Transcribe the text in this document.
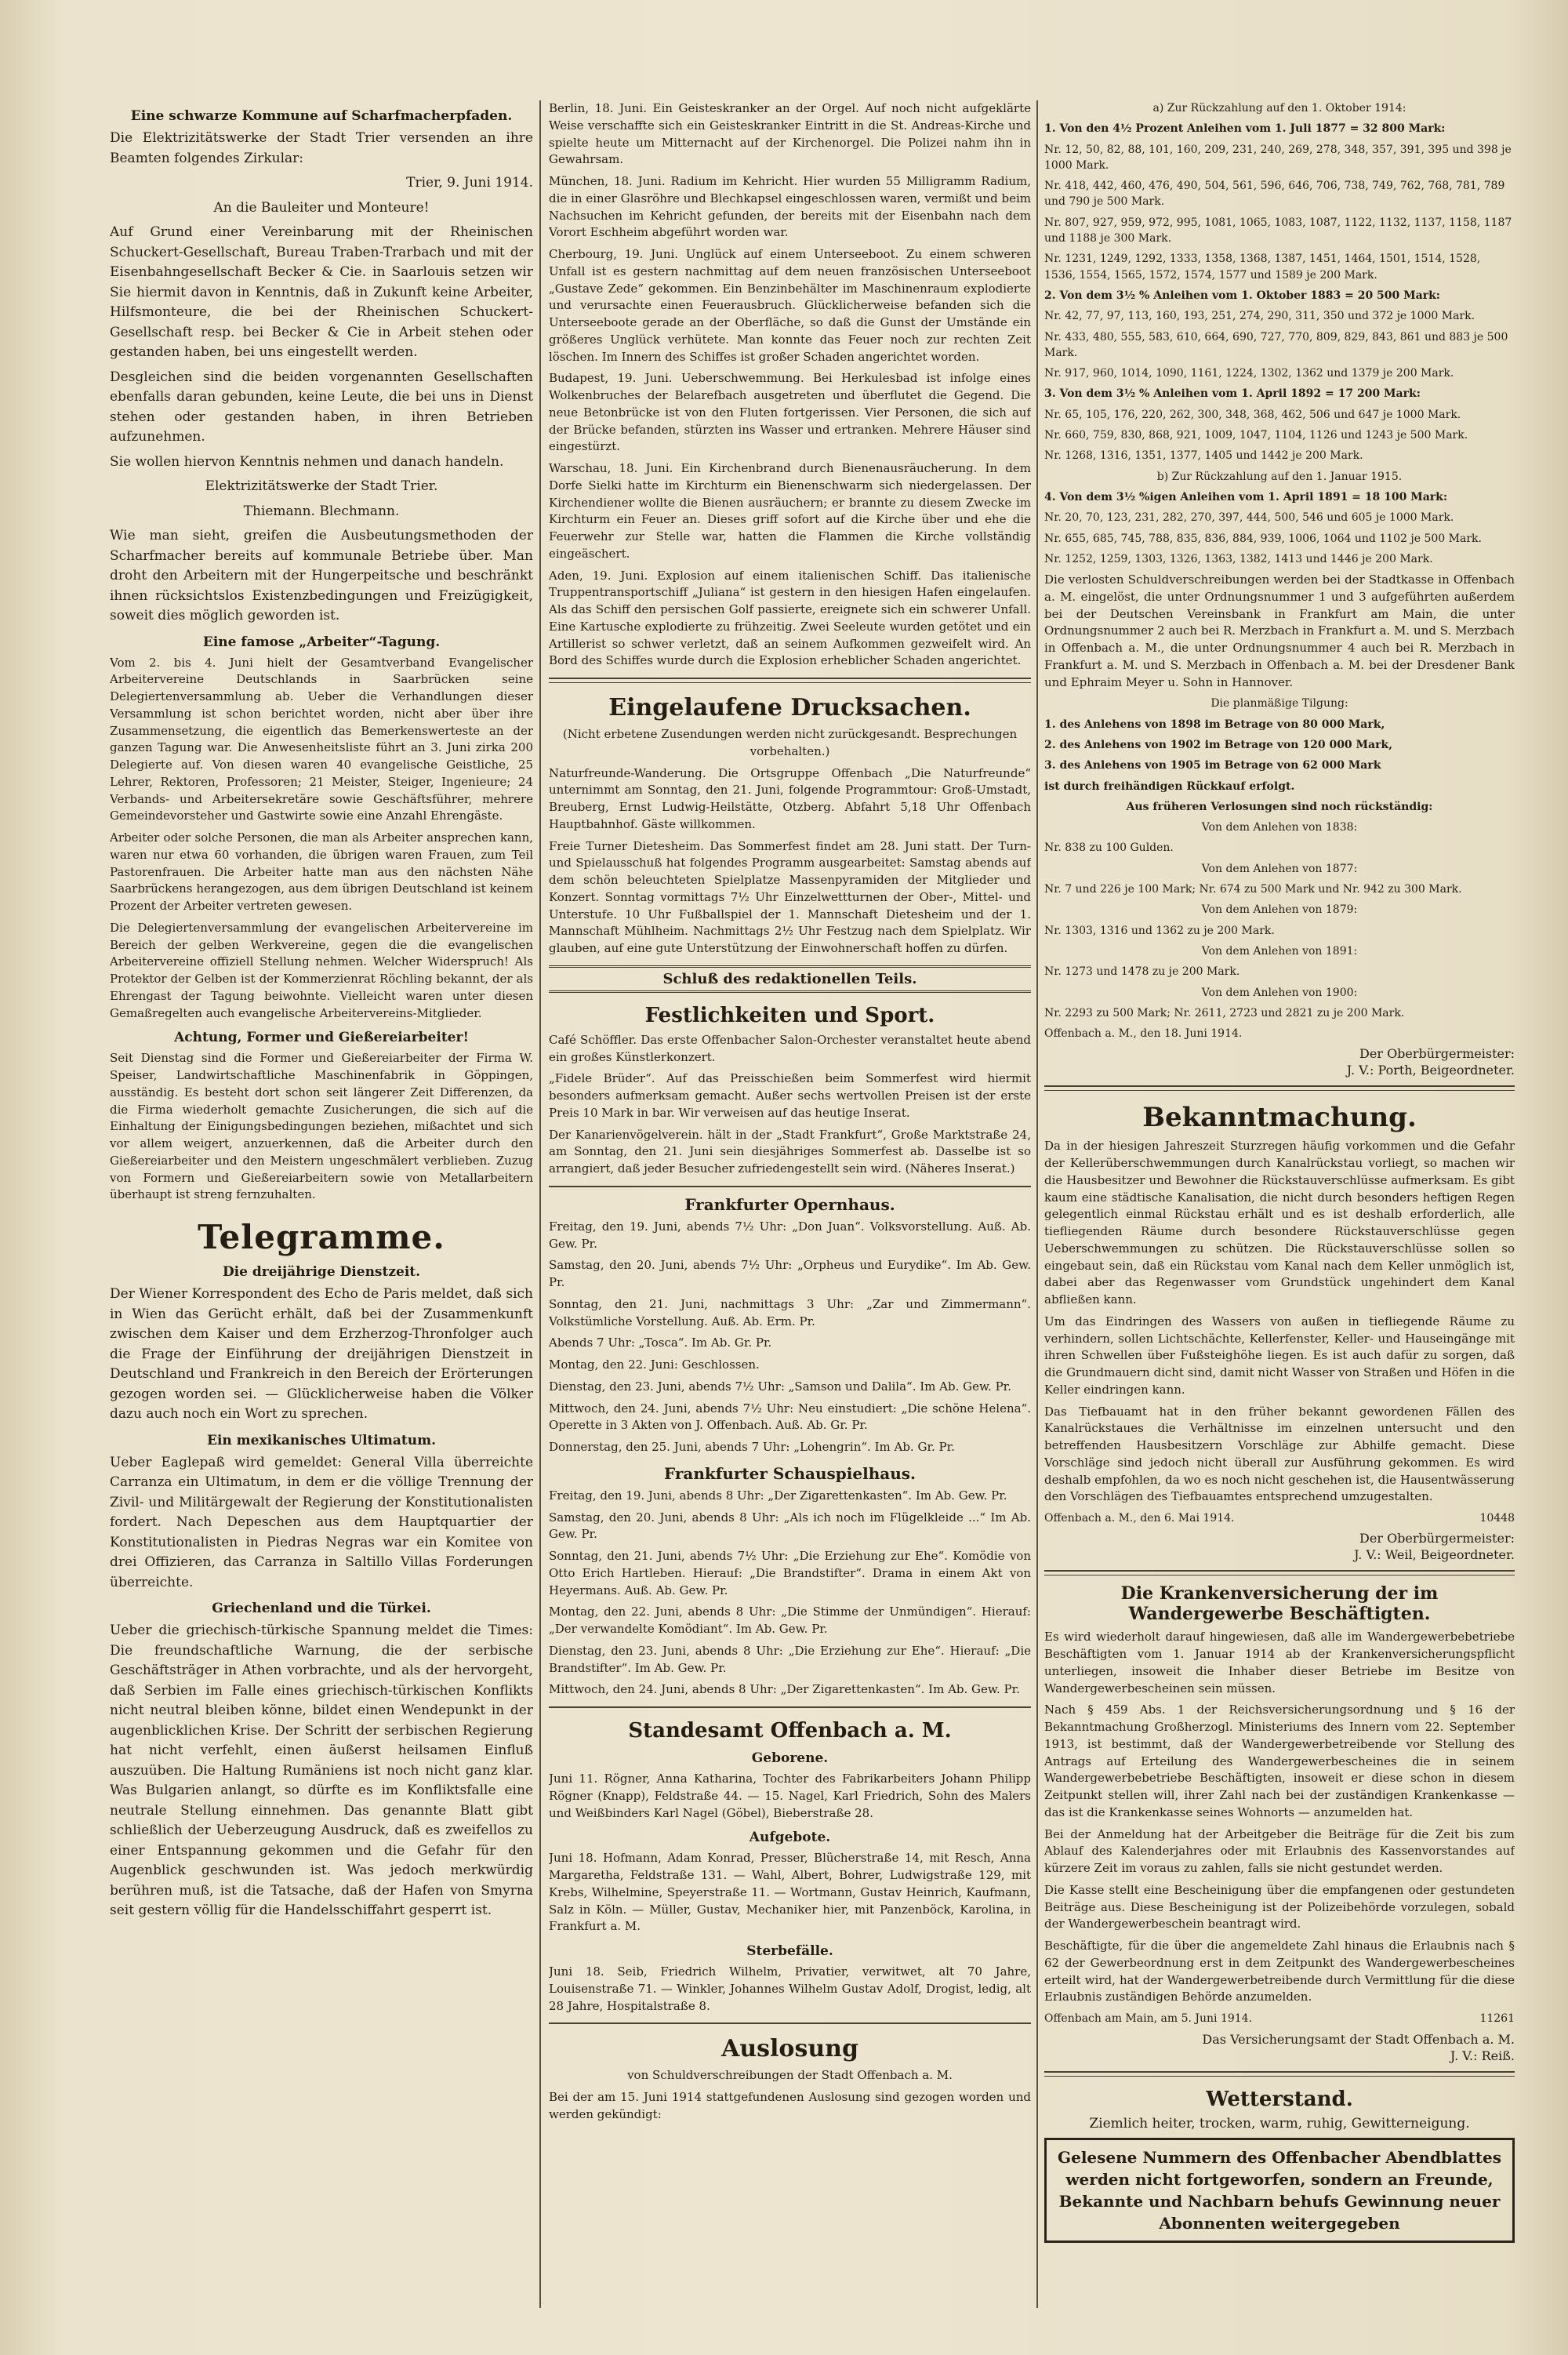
Eine schwarze Kommune auf Scharfmacherpfaden.

Die Elektrizitätswerke der Stadt Trier versenden an ihre Beamten folgendes Zirkular:

Trier, 9. Juni 1914.

An die Bauleiter und Monteure!

Auf Grund einer Vereinbarung mit der Rheinischen Schuckert-Gesellschaft, Bureau Traben-Trarbach und mit der Eisenbahngesellschaft Becker & Cie. in Saarlouis setzen wir Sie hiermit davon in Kenntnis, daß in Zukunft keine Arbeiter, Hilfsmonteure, die bei der Rheinischen Schuckert-Gesellschaft resp. bei Becker & Cie in Arbeit stehen oder gestanden haben, bei uns eingestellt werden.

Desgleichen sind die beiden vorgenannten Gesellschaften ebenfalls daran gebunden, keine Leute, die bei uns in Dienst stehen oder gestanden haben, in ihren Betrieben aufzunehmen.

Sie wollen hiervon Kenntnis nehmen und danach handeln.

Elektrizitätswerke der Stadt Trier.

Thiemann. Blechmann.

Wie man sieht, greifen die Ausbeutungsmethoden der Scharfmacher bereits auf kommunale Betriebe über. Man droht den Arbeitern mit der Hungerpeitsche und beschränkt ihnen rücksichtslos Existenzbedingungen und Freizügigkeit, soweit dies möglich geworden ist.

Eine famose „Arbeiter“-Tagung.

Vom 2. bis 4. Juni hielt der Gesamtverband Evangelischer Arbeitervereine Deutschlands in Saarbrücken seine Delegiertenversammlung ab. Ueber die Verhandlungen dieser Versammlung ist schon berichtet worden, nicht aber über ihre Zusammensetzung, die eigentlich das Bemerkenswerteste an der ganzen Tagung war. Die Anwesenheitsliste führt an 3. Juni zirka 200 Delegierte auf. Von diesen waren 40 evangelische Geistliche, 25 Lehrer, Rektoren, Professoren; 21 Meister, Steiger, Ingenieure; 24 Verbands- und Arbeitersekretäre sowie Geschäftsführer, mehrere Gemeindevorsteher und Gastwirte sowie eine Anzahl Ehrengäste.

Arbeiter oder solche Personen, die man als Arbeiter ansprechen kann, waren nur etwa 60 vorhanden, die übrigen waren Frauen, zum Teil Pastorenfrauen. Die Arbeiter hatte man aus den nächsten Nähe Saarbrückens herangezogen, aus dem übrigen Deutschland ist keinem Prozent der Arbeiter vertreten gewesen.

Die Delegiertenversammlung der evangelischen Arbeitervereine im Bereich der gelben Werkvereine, gegen die die evangelischen Arbeitervereine offiziell Stellung nehmen. Welcher Widerspruch! Als Protektor der Gelben ist der Kommerzienrat Röchling bekannt, der als Ehrengast der Tagung beiwohnte. Vielleicht waren unter diesen Gemaßregelten auch evangelische Arbeitervereins-Mitglieder.

Achtung, Former und Gießereiarbeiter!

Seit Dienstag sind die Former und Gießereiarbeiter der Firma W. Speiser, Landwirtschaftliche Maschinenfabrik in Göppingen, ausständig. Es besteht dort schon seit längerer Zeit Differenzen, da die Firma wiederholt gemachte Zusicherungen, die sich auf die Einhaltung der Einigungsbedingungen beziehen, mißachtet und sich vor allem weigert, anzuerkennen, daß die Arbeiter durch den Gießereiarbeiter und den Meistern ungeschmälert verblieben. Zuzug von Formern und Gießereiarbeitern sowie von Metallarbeitern überhaupt ist streng fernzuhalten.

Telegramme.
Die dreijährige Dienstzeit.

Der Wiener Korrespondent des Echo de Paris meldet, daß sich in Wien das Gerücht erhält, daß bei der Zusammenkunft zwischen dem Kaiser und dem Erzherzog-Thronfolger auch die Frage der Einführung der dreijährigen Dienstzeit in Deutschland und Frankreich in den Bereich der Erörterungen gezogen worden sei. — Glücklicherweise haben die Völker dazu auch noch ein Wort zu sprechen.

Ein mexikanisches Ultimatum.

Ueber Eaglepaß wird gemeldet: General Villa überreichte Carranza ein Ultimatum, in dem er die völlige Trennung der Zivil- und Militärgewalt der Regierung der Konstitutionalisten fordert. Nach Depeschen aus dem Hauptquartier der Konstitutionalisten in Piedras Negras war ein Komitee von drei Offizieren, das Carranza in Saltillo Villas Forderungen überreichte.

Griechenland und die Türkei.

Ueber die griechisch-türkische Spannung meldet die Times: Die freundschaftliche Warnung, die der serbische Geschäftsträger in Athen vorbrachte, und als der hervorgeht, daß Serbien im Falle eines griechisch-türkischen Konflikts nicht neutral bleiben könne, bildet einen Wendepunkt in der augenblicklichen Krise. Der Schritt der serbischen Regierung hat nicht verfehlt, einen äußerst heilsamen Einfluß auszuüben. Die Haltung Rumäniens ist noch nicht ganz klar. Was Bulgarien anlangt, so dürfte es im Konfliktsfalle eine neutrale Stellung einnehmen. Das genannte Blatt gibt schließlich der Ueberzeugung Ausdruck, daß es zweifellos zu einer Entspannung gekommen und die Gefahr für den Augenblick geschwunden ist. Was jedoch merkwürdig berühren muß, ist die Tatsache, daß der Hafen von Smyrna seit gestern völlig für die Handelsschiffahrt gesperrt ist.

Berlin, 18. Juni. Ein Geisteskranker an der Orgel. Auf noch nicht aufgeklärte Weise verschaffte sich ein Geisteskranker Eintritt in die St. Andreas-Kirche und spielte heute um Mitternacht auf der Kirchenorgel. Die Polizei nahm ihn in Gewahrsam.

München, 18. Juni. Radium im Kehricht. Hier wurden 55 Milligramm Radium, die in einer Glasröhre und Blechkapsel eingeschlossen waren, vermißt und beim Nachsuchen im Kehricht gefunden, der bereits mit der Eisenbahn nach dem Vorort Eschheim abgeführt worden war.

Cherbourg, 19. Juni. Unglück auf einem Unterseeboot. Zu einem schweren Unfall ist es gestern nachmittag auf dem neuen französischen Unterseeboot „Gustave Zede“ gekommen. Ein Benzinbehälter im Maschinenraum explodierte und verursachte einen Feuerausbruch. Glücklicherweise befanden sich die Unterseeboote gerade an der Oberfläche, so daß die Gunst der Umstände ein größeres Unglück verhütete. Man konnte das Feuer noch zur rechten Zeit löschen. Im Innern des Schiffes ist großer Schaden angerichtet worden.

Budapest, 19. Juni. Ueberschwemmung. Bei Herkulesbad ist infolge eines Wolkenbruches der Belarefbach ausgetreten und überflutet die Gegend. Die neue Betonbrücke ist von den Fluten fortgerissen. Vier Personen, die sich auf der Brücke befanden, stürzten ins Wasser und ertranken. Mehrere Häuser sind eingestürzt.

Warschau, 18. Juni. Ein Kirchenbrand durch Bienenausräucherung. In dem Dorfe Sielki hatte im Kirchturm ein Bienenschwarm sich niedergelassen. Der Kirchendiener wollte die Bienen ausräuchern; er brannte zu diesem Zwecke im Kirchturm ein Feuer an. Dieses griff sofort auf die Kirche über und ehe die Feuerwehr zur Stelle war, hatten die Flammen die Kirche vollständig eingeäschert.

Aden, 19. Juni. Explosion auf einem italienischen Schiff. Das italienische Truppentransportschiff „Juliana“ ist gestern in den hiesigen Hafen eingelaufen. Als das Schiff den persischen Golf passierte, ereignete sich ein schwerer Unfall. Eine Kartusche explodierte zu frühzeitig. Zwei Seeleute wurden getötet und ein Artillerist so schwer verletzt, daß an seinem Aufkommen gezweifelt wird. An Bord des Schiffes wurde durch die Explosion erheblicher Schaden angerichtet.

Eingelaufene Drucksachen.

(Nicht erbetene Zusendungen werden nicht zurückgesandt. Besprechungen vorbehalten.)

Naturfreunde-Wanderung. Die Ortsgruppe Offenbach „Die Naturfreunde“ unternimmt am Sonntag, den 21. Juni, folgende Programmtour: Groß-Umstadt, Breuberg, Ernst Ludwig-Heilstätte, Otzberg. Abfahrt 5,18 Uhr Offenbach Hauptbahnhof. Gäste willkommen.

Freie Turner Dietesheim. Das Sommerfest findet am 28. Juni statt. Der Turn- und Spielausschuß hat folgendes Programm ausgearbeitet: Samstag abends auf dem schön beleuchteten Spielplatze Massenpyramiden der Mitglieder und Konzert. Sonntag vormittags 7½ Uhr Einzelwettturnen der Ober-, Mittel- und Unterstufe. 10 Uhr Fußballspiel der 1. Mannschaft Dietesheim und der 1. Mannschaft Mühlheim. Nachmittags 2½ Uhr Festzug nach dem Spielplatz. Wir glauben, auf eine gute Unterstützung der Einwohnerschaft hoffen zu dürfen.

Schluß des redaktionellen Teils.
Festlichkeiten und Sport.

Café Schöffler. Das erste Offenbacher Salon-Orchester veranstaltet heute abend ein großes Künstlerkonzert.

„Fidele Brüder“. Auf das Preisschießen beim Sommerfest wird hiermit besonders aufmerksam gemacht. Außer sechs wertvollen Preisen ist der erste Preis 10 Mark in bar. Wir verweisen auf das heutige Inserat.

Der Kanarienvögelverein. hält in der „Stadt Frankfurt“, Große Marktstraße 24, am Sonntag, den 21. Juni sein diesjähriges Sommerfest ab. Dasselbe ist so arrangiert, daß jeder Besucher zufriedengestellt sein wird. (Näheres Inserat.)

Frankfurter Opernhaus.

Freitag, den 19. Juni, abends 7½ Uhr: „Don Juan“. Volksvorstellung. Auß. Ab. Gew. Pr.

Samstag, den 20. Juni, abends 7½ Uhr: „Orpheus und Eurydike“. Im Ab. Gew. Pr.

Sonntag, den 21. Juni, nachmittags 3 Uhr: „Zar und Zimmermann“. Volkstümliche Vorstellung. Auß. Ab. Erm. Pr.

Abends 7 Uhr: „Tosca“. Im Ab. Gr. Pr.

Montag, den 22. Juni: Geschlossen.

Dienstag, den 23. Juni, abends 7½ Uhr: „Samson und Dalila“. Im Ab. Gew. Pr.

Mittwoch, den 24. Juni, abends 7½ Uhr: Neu einstudiert: „Die schöne Helena“. Operette in 3 Akten von J. Offenbach. Auß. Ab. Gr. Pr.

Donnerstag, den 25. Juni, abends 7 Uhr: „Lohengrin“. Im Ab. Gr. Pr.

Frankfurter Schauspielhaus.

Freitag, den 19. Juni, abends 8 Uhr: „Der Zigarettenkasten“. Im Ab. Gew. Pr.

Samstag, den 20. Juni, abends 8 Uhr: „Als ich noch im Flügelkleide ...“ Im Ab. Gew. Pr.

Sonntag, den 21. Juni, abends 7½ Uhr: „Die Erziehung zur Ehe“. Komödie von Otto Erich Hartleben. Hierauf: „Die Brandstifter“. Drama in einem Akt von Heyermans. Auß. Ab. Gew. Pr.

Montag, den 22. Juni, abends 8 Uhr: „Die Stimme der Unmündigen“. Hierauf: „Der verwandelte Komödiant“. Im Ab. Gew. Pr.

Dienstag, den 23. Juni, abends 8 Uhr: „Die Erziehung zur Ehe“. Hierauf: „Die Brandstifter“. Im Ab. Gew. Pr.

Mittwoch, den 24. Juni, abends 8 Uhr: „Der Zigarettenkasten“. Im Ab. Gew. Pr.

Standesamt Offenbach a. M.
Geborene.

Juni 11. Rögner, Anna Katharina, Tochter des Fabrikarbeiters Johann Philipp Rögner (Knapp), Feldstraße 44. — 15. Nagel, Karl Friedrich, Sohn des Malers und Weißbinders Karl Nagel (Göbel), Bieberstraße 28.

Aufgebote.

Juni 18. Hofmann, Adam Konrad, Presser, Blücherstraße 14, mit Resch, Anna Margaretha, Feldstraße 131. — Wahl, Albert, Bohrer, Ludwigstraße 129, mit Krebs, Wilhelmine, Speyerstraße 11. — Wortmann, Gustav Heinrich, Kaufmann, Salz in Köln. — Müller, Gustav, Mechaniker hier, mit Panzenböck, Karolina, in Frankfurt a. M.

Sterbefälle.

Juni 18. Seib, Friedrich Wilhelm, Privatier, verwitwet, alt 70 Jahre, Louisenstraße 71. — Winkler, Johannes Wilhelm Gustav Adolf, Drogist, ledig, alt 28 Jahre, Hospitalstraße 8.

Auslosung

von Schuldverschreibungen der Stadt Offenbach a. M.

Bei der am 15. Juni 1914 stattgefundenen Auslosung sind gezogen worden und werden gekündigt:

a) Zur Rückzahlung auf den 1. Oktober 1914:
1. Von den 4½ Prozent Anleihen vom 1. Juli 1877 = 32 800 Mark:
Nr. 12, 50, 82, 88, 101, 160, 209, 231, 240, 269, 278, 348, 357, 391, 395 und 398 je 1000 Mark.
Nr. 418, 442, 460, 476, 490, 504, 561, 596, 646, 706, 738, 749, 762, 768, 781, 789 und 790 je 500 Mark.
Nr. 807, 927, 959, 972, 995, 1081, 1065, 1083, 1087, 1122, 1132, 1137, 1158, 1187 und 1188 je 300 Mark.
Nr. 1231, 1249, 1292, 1333, 1358, 1368, 1387, 1451, 1464, 1501, 1514, 1528, 1536, 1554, 1565, 1572, 1574, 1577 und 1589 je 200 Mark.
2. Von dem 3½ % Anleihen vom 1. Oktober 1883 = 20 500 Mark:
Nr. 42, 77, 97, 113, 160, 193, 251, 274, 290, 311, 350 und 372 je 1000 Mark.
Nr. 433, 480, 555, 583, 610, 664, 690, 727, 770, 809, 829, 843, 861 und 883 je 500 Mark.
Nr. 917, 960, 1014, 1090, 1161, 1224, 1302, 1362 und 1379 je 200 Mark.
3. Von dem 3½ % Anleihen vom 1. April 1892 = 17 200 Mark:
Nr. 65, 105, 176, 220, 262, 300, 348, 368, 462, 506 und 647 je 1000 Mark.
Nr. 660, 759, 830, 868, 921, 1009, 1047, 1104, 1126 und 1243 je 500 Mark.
Nr. 1268, 1316, 1351, 1377, 1405 und 1442 je 200 Mark.
b) Zur Rückzahlung auf den 1. Januar 1915.
4. Von dem 3½ %igen Anleihen vom 1. April 1891 = 18 100 Mark:
Nr. 20, 70, 123, 231, 282, 270, 397, 444, 500, 546 und 605 je 1000 Mark.
Nr. 655, 685, 745, 788, 835, 836, 884, 939, 1006, 1064 und 1102 je 500 Mark.
Nr. 1252, 1259, 1303, 1326, 1363, 1382, 1413 und 1446 je 200 Mark.

Die verlosten Schuldverschreibungen werden bei der Stadtkasse in Offenbach a. M. eingelöst, die unter Ordnungsnummer 1 und 3 aufgeführten außerdem bei der Deutschen Vereinsbank in Frankfurt am Main, die unter Ordnungsnummer 2 auch bei R. Merzbach in Frankfurt a. M. und S. Merzbach in Offenbach a. M., die unter Ordnungsnummer 4 auch bei R. Merzbach in Frankfurt a. M. und S. Merzbach in Offenbach a. M. bei der Dresdener Bank und Ephraim Meyer u. Sohn in Hannover.

Die planmäßige Tilgung:
1. des Anlehens von 1898 im Betrage von 80 000 Mark,
2. des Anlehens von 1902 im Betrage von 120 000 Mark,
3. des Anlehens von 1905 im Betrage von 62 000 Mark
ist durch freihändigen Rückkauf erfolgt.
Aus früheren Verlosungen sind noch rückständig:
Von dem Anlehen von 1838:
Nr. 838 zu 100 Gulden.
Von dem Anlehen von 1877:
Nr. 7 und 226 je 100 Mark; Nr. 674 zu 500 Mark und Nr. 942 zu 300 Mark.
Von dem Anlehen von 1879:
Nr. 1303, 1316 und 1362 zu je 200 Mark.
Von dem Anlehen von 1891:
Nr. 1273 und 1478 zu je 200 Mark.
Von dem Anlehen von 1900:
Nr. 2293 zu 500 Mark; Nr. 2611, 2723 und 2821 zu je 200 Mark.
Offenbach a. M., den 18. Juni 1914.
Der Oberbürgermeister:
J. V.: Porth, Beigeordneter.
Bekanntmachung.

Da in der hiesigen Jahreszeit Sturzregen häufig vorkommen und die Gefahr der Kellerüberschwemmungen durch Kanalrückstau vorliegt, so machen wir die Hausbesitzer und Bewohner die Rückstauverschlüsse aufmerksam. Es gibt kaum eine städtische Kanalisation, die nicht durch besonders heftigen Regen gelegentlich einmal Rückstau erhält und es ist deshalb erforderlich, alle tiefliegenden Räume durch besondere Rückstauverschlüsse gegen Ueberschwemmungen zu schützen. Die Rückstauverschlüsse sollen so eingebaut sein, daß ein Rückstau vom Kanal nach dem Keller unmöglich ist, dabei aber das Regenwasser vom Grundstück ungehindert dem Kanal abfließen kann.

Um das Eindringen des Wassers von außen in tiefliegende Räume zu verhindern, sollen Lichtschächte, Kellerfenster, Keller- und Hauseingänge mit ihren Schwellen über Fußsteighöhe liegen. Es ist auch dafür zu sorgen, daß die Grundmauern dicht sind, damit nicht Wasser von Straßen und Höfen in die Keller eindringen kann.

Das Tiefbauamt hat in den früher bekannt gewordenen Fällen des Kanalrückstaues die Verhältnisse im einzelnen untersucht und den betreffenden Hausbesitzern Vorschläge zur Abhilfe gemacht. Diese Vorschläge sind jedoch nicht überall zur Ausführung gekommen. Es wird deshalb empfohlen, da wo es noch nicht geschehen ist, die Hausentwässerung den Vorschlägen des Tiefbauamtes entsprechend umzugestalten.

Offenbach a. M., den 6. Mai 1914.	10448
Der Oberbürgermeister:
J. V.: Weil, Beigeordneter.
Die Krankenversicherung der im Wandergewerbe Beschäftigten.

Es wird wiederholt darauf hingewiesen, daß alle im Wandergewerbebetriebe Beschäftigten vom 1. Januar 1914 ab der Krankenversicherungspflicht unterliegen, insoweit die Inhaber dieser Betriebe im Besitze von Wandergewerbescheinen sein müssen.

Nach § 459 Abs. 1 der Reichsversicherungsordnung und § 16 der Bekanntmachung Großherzogl. Ministeriums des Innern vom 22. September 1913, ist bestimmt, daß der Wandergewerbetreibende vor Stellung des Antrags auf Erteilung des Wandergewerbescheines die in seinem Wandergewerbebetriebe Beschäftigten, insoweit er diese schon in diesem Zeitpunkt stellen will, ihrer Zahl nach bei der zuständigen Krankenkasse — das ist die Krankenkasse seines Wohnorts — anzumelden hat.

Bei der Anmeldung hat der Arbeitgeber die Beiträge für die Zeit bis zum Ablauf des Kalenderjahres oder mit Erlaubnis des Kassenvorstandes auf kürzere Zeit im voraus zu zahlen, falls sie nicht gestundet werden.

Die Kasse stellt eine Bescheinigung über die empfangenen oder gestundeten Beiträge aus. Diese Bescheinigung ist der Polizeibehörde vorzulegen, sobald der Wandergewerbeschein beantragt wird.

Beschäftigte, für die über die angemeldete Zahl hinaus die Erlaubnis nach § 62 der Gewerbeordnung erst in dem Zeitpunkt des Wandergewerbescheines erteilt wird, hat der Wandergewerbetreibende durch Vermittlung für die diese Erlaubnis zuständigen Behörde anzumelden.

Offenbach am Main, am 5. Juni 1914.	11261
Das Versicherungsamt der Stadt Offenbach a. M.
J. V.: Reiß.
Wetterstand.
Ziemlich heiter, trocken, warm, ruhig, Gewitterneigung.
Gelesene Nummern des Offenbacher Abendblattes werden nicht fortgeworfen, sondern an Freunde, Bekannte und Nachbarn behufs Gewinnung neuer Abonnenten weitergegeben
